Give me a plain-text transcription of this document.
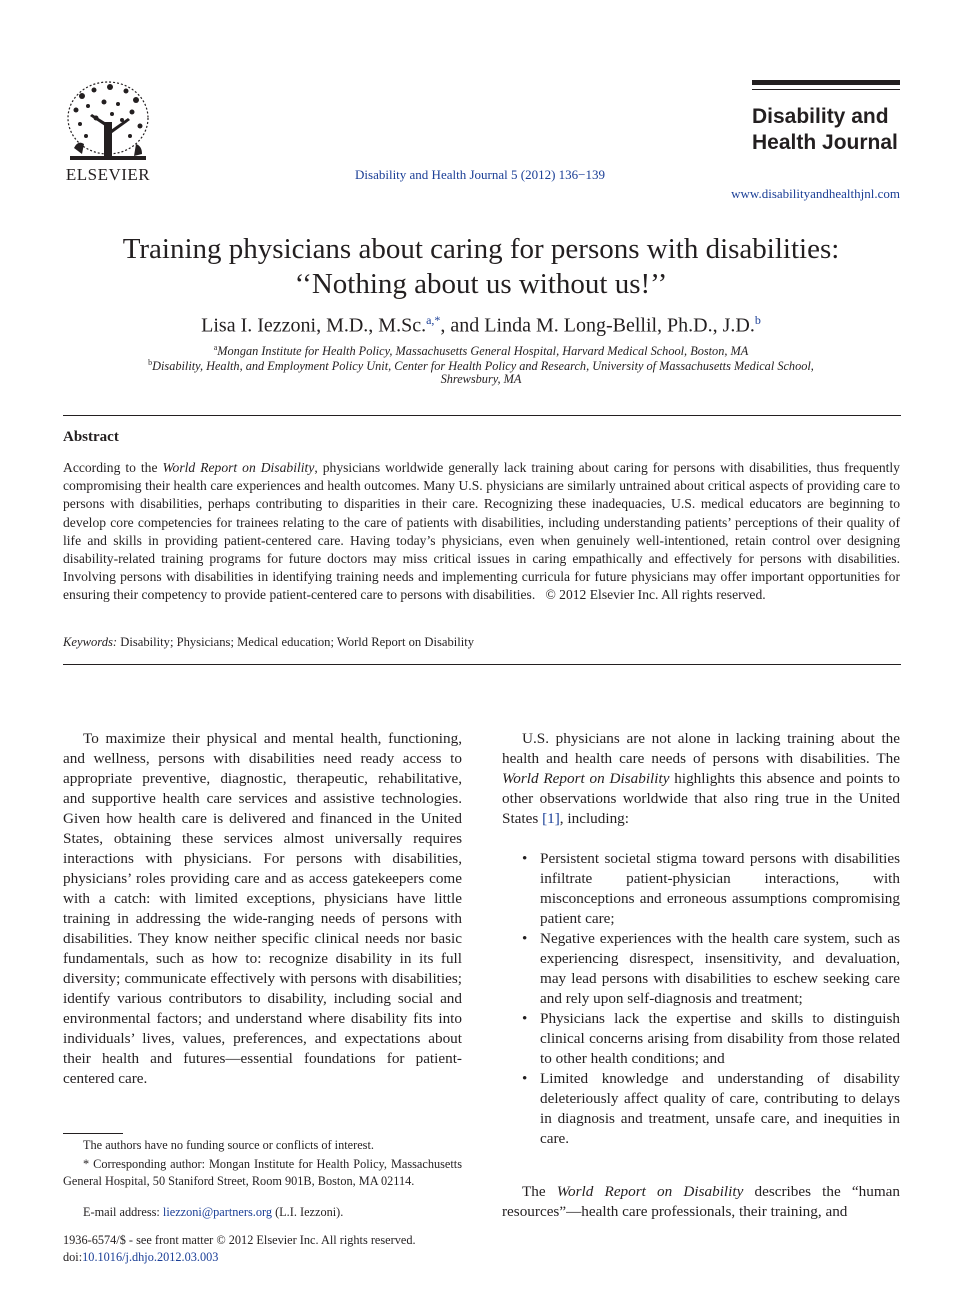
ELSEVIER	Disability and Health Journal 5 (2012) 136−139
Disability and
Health Journal
www.disabilityandhealthjnl.com
Training physicians about caring for persons with disabilities:
‘‘Nothing about us without us!’’
Lisa I. Iezzoni, M.D., M.Sc.$^{a,*}$, and Linda M. Long-Bellil, Ph.D., J.D.$^b$
$^a$Mongan Institute for Health Policy, Massachusetts General Hospital, Harvard Medical School, Boston, MA
$^b$Disability, Health, and Employment Policy Unit, Center for Health Policy and Research, University of Massachusetts Medical School,
Shrewsbury, MA
Abstract
According to the World Report on Disability, physicians worldwide generally lack training about caring for persons with disabilities, thus frequently compromising their health care experiences and health outcomes. Many U.S. physicians are similarly untrained about critical aspects of providing care to persons with disabilities, perhaps contributing to disparities in their care. Recognizing these inadequacies, U.S. medical educators are beginning to develop core competencies for trainees relating to the care of patients with disabilities, including understanding patients’ perceptions of their quality of life and skills in providing patient-centered care. Having today’s physicians, even when genuinely well-intentioned, retain control over designing disability-related training programs for future doctors may miss critical issues in caring empathically and effectively for persons with disabilities. Involving persons with disabilities in identifying training needs and implementing curricula for future physicians may offer important opportunities for ensuring their competency to provide patient-centered care to persons with disabilities. © 2012 Elsevier Inc. All rights reserved.
Keywords: Disability; Physicians; Medical education; World Report on Disability

To maximize their physical and mental health, functioning, and wellness, persons with disabilities need ready access to appropriate preventive, diagnostic, therapeutic, rehabilitative, and supportive health care services and assistive technologies. Given how health care is delivered and financed in the United States, obtaining these services almost universally requires interactions with physicians. For persons with disabilities, physicians’ roles providing care and as access gatekeepers come with a catch: with limited exceptions, physicians have little training in addressing the wide-ranging needs of persons with disabilities. They know neither specific clinical needs nor basic fundamentals, such as how to: recognize disability in its full diversity; communicate effectively with persons with disabilities; identify various contributors to disability, including social and environmental factors; and understand where disability fits into individuals’ lives, values, preferences, and expectations about their health and futures—essential foundations for patient-centered care.

U.S. physicians are not alone in lacking training about the health and health care needs of persons with disabilities. The World Report on Disability highlights this absence and points to other observations worldwide that also ring true in the United States [1], including:

• Persistent societal stigma toward persons with disabilities infiltrate patient-physician interactions, with misconceptions and erroneous assumptions compromising patient care;

• Negative experiences with the health care system, such as experiencing disrespect, insensitivity, and devaluation, may lead persons with disabilities to eschew seeking care and rely upon self-diagnosis and treatment;

• Physicians lack the expertise and skills to distinguish clinical concerns arising from disability from those related to other health conditions; and

• Limited knowledge and understanding of disability deleteriously affect quality of care, contributing to delays in diagnosis and treatment, unsafe care, and inequities in care.

The World Report on Disability describes the “human resources”—health care professionals, their training, and

The authors have no funding source or conflicts of interest.
* Corresponding author: Mongan Institute for Health Policy, Massachusetts General Hospital, 50 Staniford Street, Room 901B, Boston, MA 02114.
E-mail address: liezzoni@partners.org (L.I. Iezzoni).
1936-6574/$ - see front matter © 2012 Elsevier Inc. All rights reserved.
doi:10.1016/j.dhjo.2012.03.003
